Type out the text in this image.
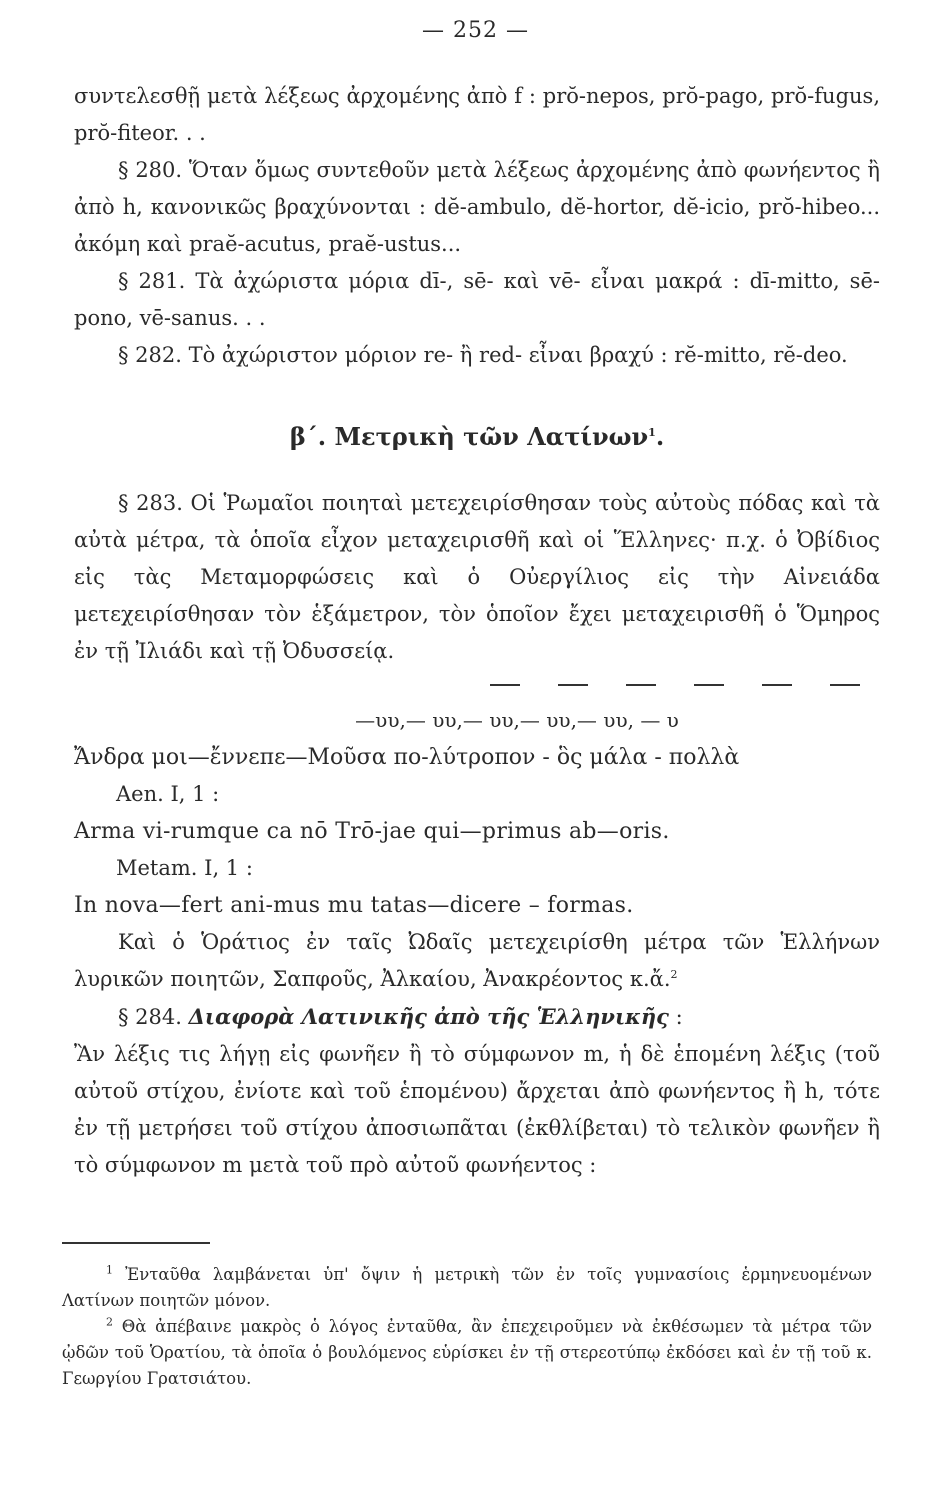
— 252 —

συντελεσθῇ μετὰ λέξεως ἀρχομένης ἀπὸ f : prŏ-nepos, prŏ-pago, prŏ-fugus, prŏ-fiteor. . .

§ 280. Ὅταν ὅμως συντεθοῦν μετὰ λέξεως ἀρχομένης ἀπὸ φωνήεντος ἢ ἀπὸ h, κανονικῶς βραχύνονται : dĕ-ambulo, dĕ-hortor, dĕ-icio, prŏ-hibeo... ἀκόμη καὶ praĕ-acutus, praĕ-ustus...

§ 281. Τὰ ἀχώριστα μόρια dī-, sē- καὶ vē- εἶναι μακρά : dī-mitto, sē-pono, vē-sanus. . .

§ 282. Τὸ ἀχώριστον μόριον re- ἢ red- εἶναι βραχύ : rĕ-mitto, rĕ-deo.

β΄. Μετρικὴ τῶν Λατίνων$^1$.

§ 283. Οἱ Ῥωμαῖοι ποιηταὶ μετεχειρίσθησαν τοὺς αὐτοὺς πόδας καὶ τὰ αὐτὰ μέτρα, τὰ ὁποῖα εἶχον μεταχειρισθῆ καὶ οἱ Ἕλληνες· π.χ. ὁ Ὀβίδιος εἰς τὰς Μεταμορφώσεις καὶ ὁ Οὐεργίλιος εἰς τὴν Αἰνειάδα μετεχειρίσθησαν τὸν ἑξάμετρον, τὸν ὁποῖον ἔχει μεταχειρισθῆ ὁ Ὅμηρος ἐν τῇ Ἰλιάδι καὶ τῇ Ὀδυσσείᾳ.

—υυ,— υυ,— υυ,— υυ,— υυ, — υ
Ἄνδρα μοι—ἔννεπε—Μοῦσα πο-λύτροπον - ὃς μάλα - πολλὰ
Aen. I, 1 :
Arma vi-rumque ca nō Trō-jae qui—primus ab—oris.
Metam. I, 1 :
In nova—fert ani-mus mu tatas—dicere – formas.

Καὶ ὁ Ὁράτιος ἐν ταῖς Ὠδαῖς μετεχειρίσθη μέτρα τῶν Ἑλλήνων λυρικῶν ποιητῶν, Σαπφοῦς, Ἀλκαίου, Ἀνακρέοντος κ.ἄ.$^2$

§ 284. Διαφορὰ Λατινικῆς ἀπὸ τῆς Ἑλληνικῆς :
Ἂν λέξις τις λήγῃ εἰς φωνῆεν ἢ τὸ σύμφωνον m, ἡ δὲ ἑπομένη λέξις (τοῦ αὐτοῦ στίχου, ἐνίοτε καὶ τοῦ ἑπομένου) ἄρχεται ἀπὸ φωνήεντος ἢ h, τότε ἐν τῇ μετρήσει τοῦ στίχου ἀποσιωπᾶται (ἐκθλίβεται) τὸ τελικὸν φωνῆεν ἢ τὸ σύμφωνον m μετὰ τοῦ πρὸ αὐτοῦ φωνήεντος :

$^1$ Ἐνταῦθα λαμβάνεται ὑπ' ὄψιν ἡ μετρικὴ τῶν ἐν τοῖς γυμνασίοις ἑρμηνευομένων Λατίνων ποιητῶν μόνον.

$^2$ Θὰ ἀπέβαινε μακρὸς ὁ λόγος ἐνταῦθα, ἂν ἐπεχειροῦμεν νὰ ἐκθέσωμεν τὰ μέτρα τῶν ᾠδῶν τοῦ Ὁρατίου, τὰ ὁποῖα ὁ βουλόμενος εὑρίσκει ἐν τῇ στερεοτύπῳ ἐκδόσει καὶ ἐν τῇ τοῦ κ. Γεωργίου Γρατσιάτου.
